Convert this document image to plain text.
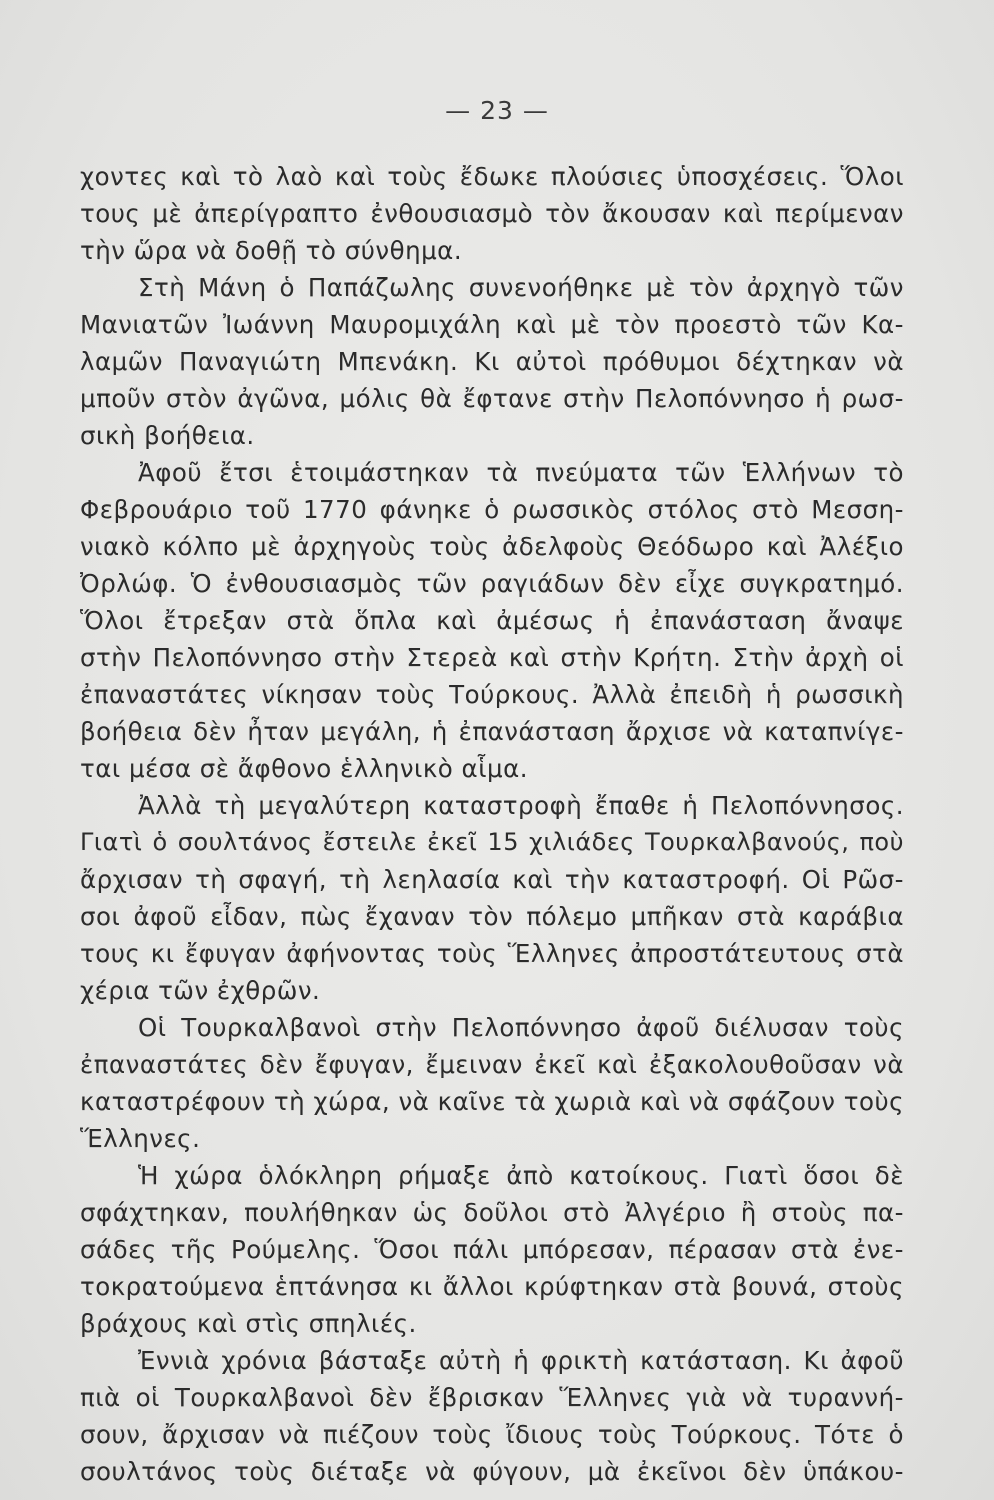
— 23 —
χοντες καὶ τὸ λαὸ καὶ τοὺς ἔδωκε πλούσιες ὑποσχέσεις. Ὅλοι
τους μὲ ἀπερίγραπτο ἐνθουσιασμὸ τὸν ἄκουσαν καὶ περίμεναν
τὴν ὥρα νὰ δοθῇ τὸ σύνθημα.
Στὴ Μάνη ὁ Παπάζωλης συνενοήθηκε μὲ τὸν ἀρχηγὸ τῶν
Μανιατῶν Ἰωάννη Μαυρομιχάλη καὶ μὲ τὸν προεστὸ τῶν Κα-
λαμῶν Παναγιώτη Μπενάκη. Κι αὐτοὶ πρόθυμοι δέχτηκαν νὰ
μποῦν στὸν ἀγῶνα, μόλις θὰ ἔφτανε στὴν Πελοπόννησο ἡ ρωσ-
σικὴ βοήθεια.
Ἀφοῦ ἔτσι ἑτοιμάστηκαν τὰ πνεύματα τῶν Ἑλλήνων τὸ
Φεβρουάριο τοῦ 1770 φάνηκε ὁ ρωσσικὸς στόλος στὸ Μεσση-
νιακὸ κόλπο μὲ ἀρχηγοὺς τοὺς ἀδελφοὺς Θεόδωρο καὶ Ἀλέξιο
Ὀρλώφ. Ὁ ἐνθουσιασμὸς τῶν ραγιάδων δὲν εἶχε συγκρατημό.
Ὅλοι ἔτρεξαν στὰ ὅπλα καὶ ἀμέσως ἡ ἐπανάσταση ἄναψε
στὴν Πελοπόννησο στὴν Στερεὰ καὶ στὴν Κρήτη. Στὴν ἀρχὴ οἱ
ἐπαναστάτες νίκησαν τοὺς Τούρκους. Ἀλλὰ ἐπειδὴ ἡ ρωσσικὴ
βοήθεια δὲν ἦταν μεγάλη, ἡ ἐπανάσταση ἄρχισε νὰ καταπνίγε-
ται μέσα σὲ ἄφθονο ἑλληνικὸ αἷμα.
Ἀλλὰ τὴ μεγαλύτερη καταστροφὴ ἔπαθε ἡ Πελοπόννησος.
Γιατὶ ὁ σουλτάνος ἔστειλε ἐκεῖ 15 χιλιάδες Τουρκαλβανούς, ποὺ
ἄρχισαν τὴ σφαγή, τὴ λεηλασία καὶ τὴν καταστροφή. Οἱ Ρῶσ-
σοι ἀφοῦ εἶδαν, πὼς ἔχαναν τὸν πόλεμο μπῆκαν στὰ καράβια
τους κι ἔφυγαν ἀφήνοντας τοὺς Ἕλληνες ἀπροστάτευτους στὰ
χέρια τῶν ἐχθρῶν.
Οἱ Τουρκαλβανοὶ στὴν Πελοπόννησο ἀφοῦ διέλυσαν τοὺς
ἐπαναστάτες δὲν ἔφυγαν, ἔμειναν ἐκεῖ καὶ ἐξακολουθοῦσαν νὰ
καταστρέφουν τὴ χώρα, νὰ καῖνε τὰ χωριὰ καὶ νὰ σφάζουν τοὺς
Ἕλληνες.
Ἡ χώρα ὁλόκληρη ρήμαξε ἀπὸ κατοίκους. Γιατὶ ὅσοι δὲ
σφάχτηκαν, πουλήθηκαν ὡς δοῦλοι στὸ Ἀλγέριο ἢ στοὺς πα-
σάδες τῆς Ρούμελης. Ὅσοι πάλι μπόρεσαν, πέρασαν στὰ ἐνε-
τοκρατούμενα ἑπτάνησα κι ἄλλοι κρύφτηκαν στὰ βουνά, στοὺς
βράχους καὶ στὶς σπηλιές.
Ἐννιὰ χρόνια βάσταξε αὐτὴ ἡ φρικτὴ κατάσταση. Κι ἀφοῦ
πιὰ οἱ Τουρκαλβανοὶ δὲν ἔβρισκαν Ἕλληνες γιὰ νὰ τυραννή-
σουν, ἄρχισαν νὰ πιέζουν τοὺς ἴδιους τοὺς Τούρκους. Τότε ὁ
σουλτάνος τοὺς διέταξε νὰ φύγουν, μὰ ἐκεῖνοι δὲν ὑπάκου-
